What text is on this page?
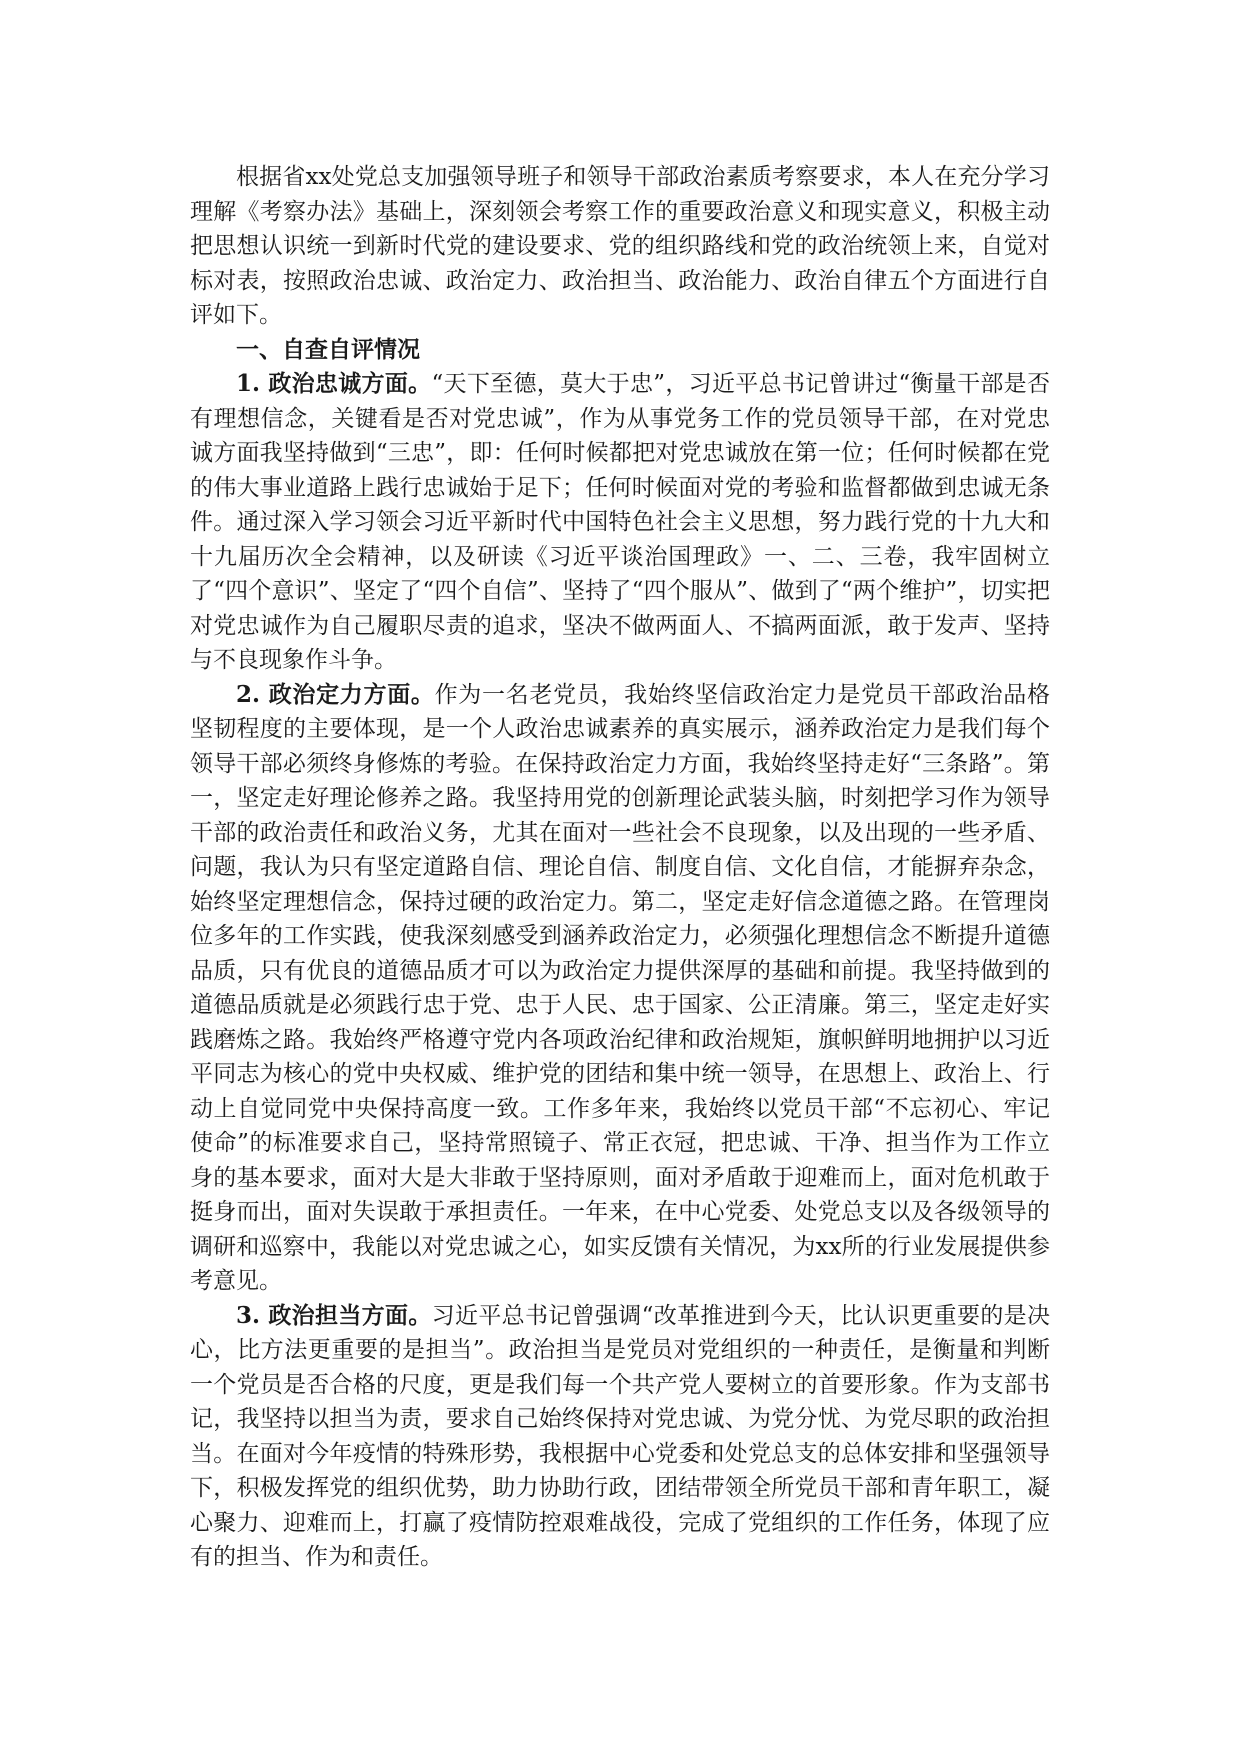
根据省xx处党总支加强领导班子和领导干部政治素质考察要求，本人在充分学习理解《考察办法》基础上，深刻领会考察工作的重要政治意义和现实意义，积极主动把思想认识统一到新时代党的建设要求、党的组织路线和党的政治统领上来，自觉对标对表，按照政治忠诚、政治定力、政治担当、政治能力、政治自律五个方面进行自评如下。

一、自查自评情况

1. 政治忠诚方面。“天下至德，莫大于忠”，习近平总书记曾讲过“衡量干部是否有理想信念，关键看是否对党忠诚”，作为从事党务工作的党员领导干部，在对党忠诚方面我坚持做到“三忠”，即：任何时候都把对党忠诚放在第一位；任何时候都在党的伟大事业道路上践行忠诚始于足下；任何时候面对党的考验和监督都做到忠诚无条件。通过深入学习领会习近平新时代中国特色社会主义思想，努力践行党的十九大和十九届历次全会精神，以及研读《习近平谈治国理政》一、二、三卷，我牢固树立了“四个意识”、坚定了“四个自信”、坚持了“四个服从”、做到了“两个维护”，切实把对党忠诚作为自己履职尽责的追求，坚决不做两面人、不搞两面派，敢于发声、坚持与不良现象作斗争。

2. 政治定力方面。作为一名老党员，我始终坚信政治定力是党员干部政治品格坚韧程度的主要体现，是一个人政治忠诚素养的真实展示，涵养政治定力是我们每个领导干部必须终身修炼的考验。在保持政治定力方面，我始终坚持走好“三条路”。第一，坚定走好理论修养之路。我坚持用党的创新理论武装头脑，时刻把学习作为领导干部的政治责任和政治义务，尤其在面对一些社会不良现象，以及出现的一些矛盾、问题，我认为只有坚定道路自信、理论自信、制度自信、文化自信，才能摒弃杂念，始终坚定理想信念，保持过硬的政治定力。第二，坚定走好信念道德之路。在管理岗位多年的工作实践，使我深刻感受到涵养政治定力，必须强化理想信念不断提升道德品质，只有优良的道德品质才可以为政治定力提供深厚的基础和前提。我坚持做到的道德品质就是必须践行忠于党、忠于人民、忠于国家、公正清廉。第三，坚定走好实践磨炼之路。我始终严格遵守党内各项政治纪律和政治规矩，旗帜鲜明地拥护以习近平同志为核心的党中央权威、维护党的团结和集中统一领导，在思想上、政治上、行动上自觉同党中央保持高度一致。工作多年来，我始终以党员干部“不忘初心、牢记使命”的标准要求自己，坚持常照镜子、常正衣冠，把忠诚、干净、担当作为工作立身的基本要求，面对大是大非敢于坚持原则，面对矛盾敢于迎难而上，面对危机敢于挺身而出，面对失误敢于承担责任。一年来，在中心党委、处党总支以及各级领导的调研和巡察中，我能以对党忠诚之心，如实反馈有关情况，为xx所的行业发展提供参考意见。

3. 政治担当方面。习近平总书记曾强调“改革推进到今天，比认识更重要的是决心，比方法更重要的是担当”。政治担当是党员对党组织的一种责任，是衡量和判断一个党员是否合格的尺度，更是我们每一个共产党人要树立的首要形象。作为支部书记，我坚持以担当为责，要求自己始终保持对党忠诚、为党分忧、为党尽职的政治担当。在面对今年疫情的特殊形势，我根据中心党委和处党总支的总体安排和坚强领导下，积极发挥党的组织优势，助力协助行政，团结带领全所党员干部和青年职工，凝心聚力、迎难而上，打赢了疫情防控艰难战役，完成了党组织的工作任务，体现了应有的担当、作为和责任。
